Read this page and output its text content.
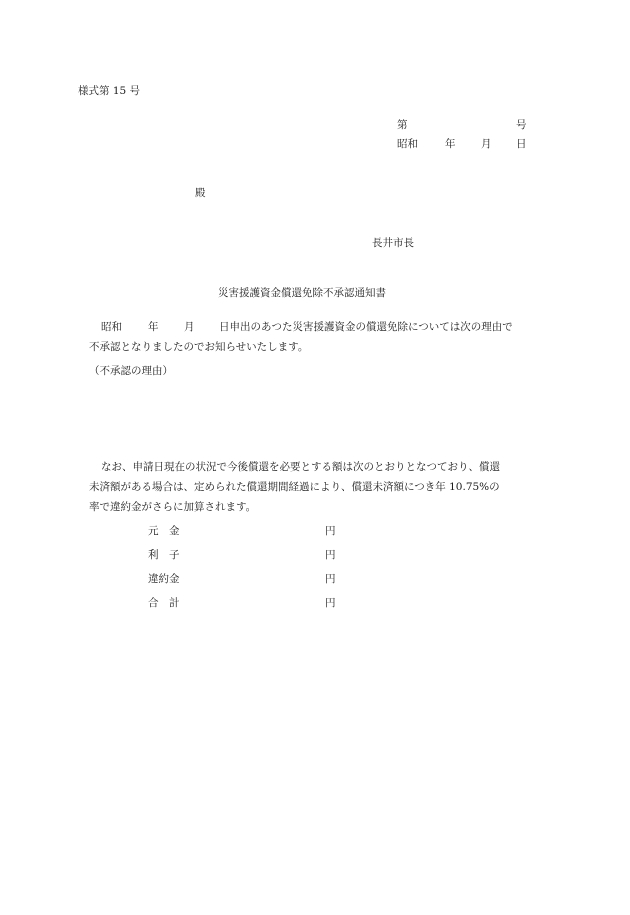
様式第 15 号
第	号
昭和	年 月 日
殿
長井市長
災害援護資金償還免除不承認通知書
昭和 年 月 日申出のあつた災害援護資金の償還免除については次の理由で
不承認となりましたのでお知らせいたします。
（不承認の理由）
なお、申請日現在の状況で今後償還を必要とする額は次のとおりとなつており、償還
未済額がある場合は、定められた償還期間経過により、償還未済額につき年 10.75%の
率で違約金がさらに加算されます。
元　金	円
利　子	円
違約金	円
合　計	円
